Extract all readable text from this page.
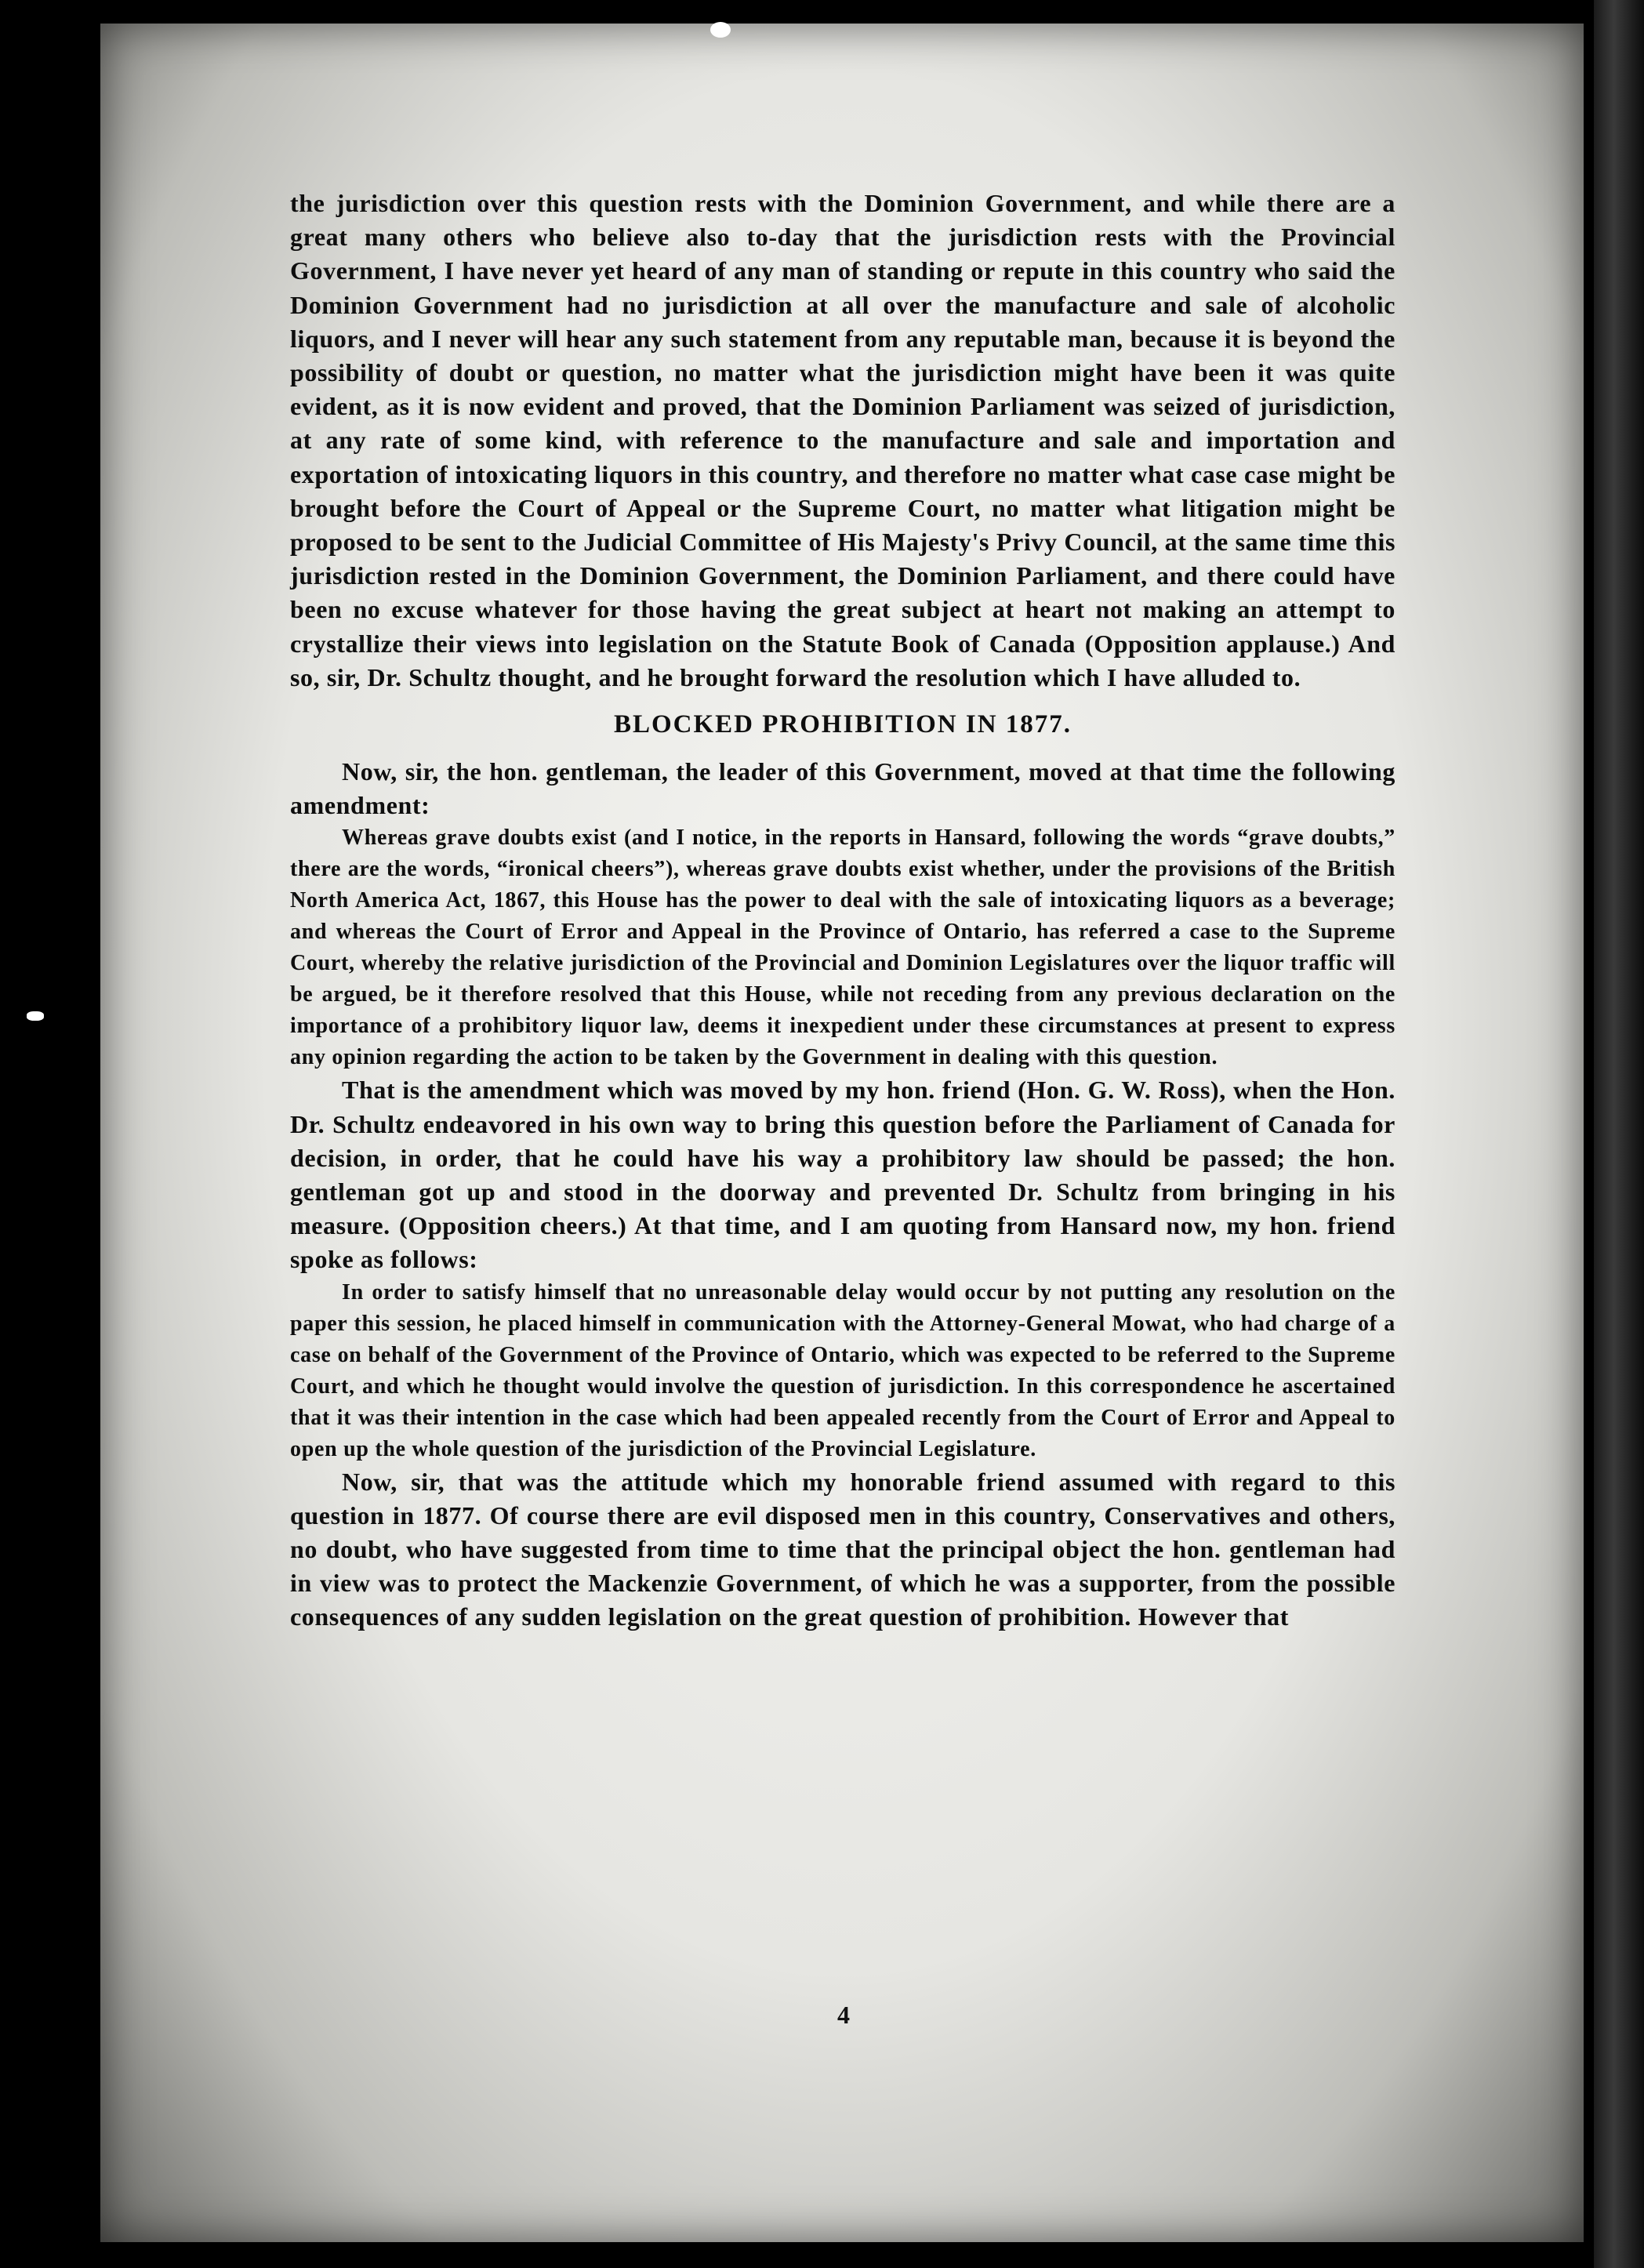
the jurisdiction over this question rests with the Dominion Government, and while there are a great many others who believe also to-day that the jurisdiction rests with the Provincial Government, I have never yet heard of any man of standing or repute in this country who said the Dominion Government had no jurisdiction at all over the manufacture and sale of alcoholic liquors, and I never will hear any such statement from any reputable man, because it is beyond the possibility of doubt or question, no matter what the jurisdiction might have been it was quite evident, as it is now evident and proved, that the Dominion Parliament was seized of jurisdiction, at any rate of some kind, with reference to the manufacture and sale and importation and exportation of intoxicating liquors in this country, and therefore no matter what case case might be brought before the Court of Appeal or the Supreme Court, no matter what litigation might be proposed to be sent to the Judicial Committee of His Majesty's Privy Council, at the same time this jurisdiction rested in the Dominion Government, the Dominion Parliament, and there could have been no excuse whatever for those having the great subject at heart not making an attempt to crystallize their views into legislation on the Statute Book of Canada (Opposition applause.) And so, sir, Dr. Schultz thought, and he brought forward the resolution which I have alluded to.

BLOCKED PROHIBITION IN 1877.

Now, sir, the hon. gentleman, the leader of this Government, moved at that time the following amendment:

Whereas grave doubts exist (and I notice, in the reports in Hansard, following the words “grave doubts,” there are the words, “ironical cheers”), whereas grave doubts exist whether, under the provisions of the British North America Act, 1867, this House has the power to deal with the sale of intoxicating liquors as a beverage; and whereas the Court of Error and Appeal in the Province of Ontario, has referred a case to the Supreme Court, whereby the relative jurisdiction of the Provincial and Dominion Legislatures over the liquor traffic will be argued, be it therefore resolved that this House, while not receding from any previous declaration on the importance of a prohibitory liquor law, deems it inexpedient under these circumstances at present to express any opinion regarding the action to be taken by the Government in dealing with this question.

That is the amendment which was moved by my hon. friend (Hon. G. W. Ross), when the Hon. Dr. Schultz endeavored in his own way to bring this question before the Parliament of Canada for decision, in order, that he could have his way a prohibitory law should be passed; the hon. gentleman got up and stood in the doorway and prevented Dr. Schultz from bringing in his measure. (Opposition cheers.) At that time, and I am quoting from Hansard now, my hon. friend spoke as follows:

In order to satisfy himself that no unreasonable delay would occur by not putting any resolution on the paper this session, he placed himself in communication with the Attorney-General Mowat, who had charge of a case on behalf of the Government of the Province of Ontario, which was expected to be referred to the Supreme Court, and which he thought would involve the question of jurisdiction. In this correspondence he ascertained that it was their intention in the case which had been appealed recently from the Court of Error and Appeal to open up the whole question of the jurisdiction of the Provincial Legislature.

Now, sir, that was the attitude which my honorable friend assumed with regard to this question in 1877. Of course there are evil disposed men in this country, Conservatives and others, no doubt, who have suggested from time to time that the principal object the hon. gentleman had in view was to protect the Mackenzie Government, of which he was a supporter, from the possible consequences of any sudden legislation on the great question of prohibition. However that

4
